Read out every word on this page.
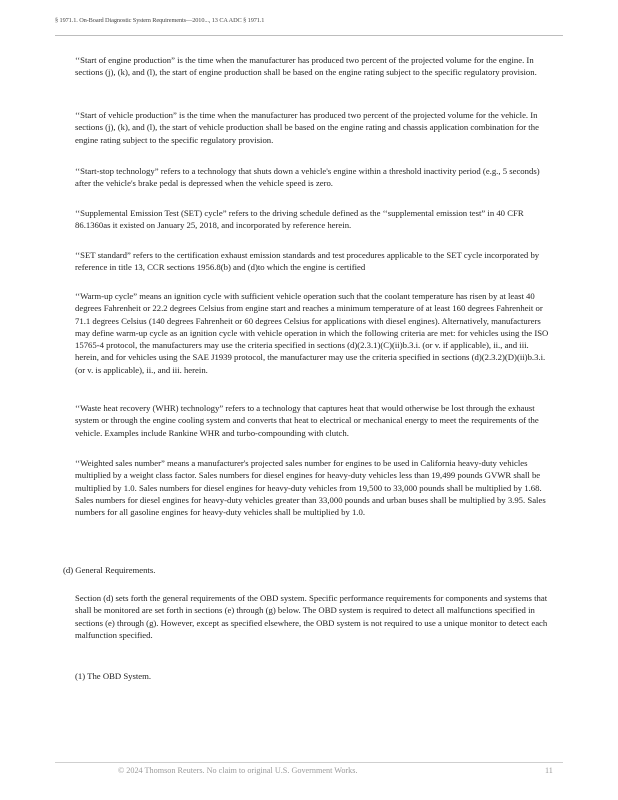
§ 1971.1. On-Board Diagnostic System Requirements—2010..., 13 CA ADC § 1971.1

‘‘Start of engine production” is the time when the manufacturer has produced two percent of the projected volume for the engine. In sections (j), (k), and (l), the start of engine production shall be based on the engine rating subject to the specific regulatory provision.

‘‘Start of vehicle production” is the time when the manufacturer has produced two percent of the projected volume for the vehicle. In sections (j), (k), and (l), the start of vehicle production shall be based on the engine rating and chassis application combination for the engine rating subject to the specific regulatory provision.

‘‘Start-stop technology” refers to a technology that shuts down a vehicle's engine within a threshold inactivity period (e.g., 5 seconds) after the vehicle's brake pedal is depressed when the vehicle speed is zero.

‘‘Supplemental Emission Test (SET) cycle” refers to the driving schedule defined as the ‘‘supplemental emission test” in 40 CFR 86.1360as it existed on January 25, 2018, and incorporated by reference herein.

‘‘SET standard” refers to the certification exhaust emission standards and test procedures applicable to the SET cycle incorporated by reference in title 13, CCR sections 1956.8(b) and (d)to which the engine is certified

‘‘Warm-up cycle” means an ignition cycle with sufficient vehicle operation such that the coolant temperature has risen by at least 40 degrees Fahrenheit or 22.2 degrees Celsius from engine start and reaches a minimum temperature of at least 160 degrees Fahrenheit or 71.1 degrees Celsius (140 degrees Fahrenheit or 60 degrees Celsius for applications with diesel engines). Alternatively, manufacturers may define warm-up cycle as an ignition cycle with vehicle operation in which the following criteria are met: for vehicles using the ISO 15765-4 protocol, the manufacturers may use the criteria specified in sections (d)(2.3.1)(C)(ii)b.3.i. (or v. if applicable), ii., and iii. herein, and for vehicles using the SAE J1939 protocol, the manufacturer may use the criteria specified in sections (d)(2.3.2)(D)(ii)b.3.i. (or v. is applicable), ii., and iii. herein.

‘‘Waste heat recovery (WHR) technology” refers to a technology that captures heat that would otherwise be lost through the exhaust system or through the engine cooling system and converts that heat to electrical or mechanical energy to meet the requirements of the vehicle. Examples include Rankine WHR and turbo-compounding with clutch.

‘‘Weighted sales number” means a manufacturer's projected sales number for engines to be used in California heavy-duty vehicles multiplied by a weight class factor. Sales numbers for diesel engines for heavy-duty vehicles less than 19,499 pounds GVWR shall be multiplied by 1.0. Sales numbers for diesel engines for heavy-duty vehicles from 19,500 to 33,000 pounds shall be multiplied by 1.68. Sales numbers for diesel engines for heavy-duty vehicles greater than 33,000 pounds and urban buses shall be multiplied by 3.95. Sales numbers for all gasoline engines for heavy-duty vehicles shall be multiplied by 1.0.

(d) General Requirements.

Section (d) sets forth the general requirements of the OBD system. Specific performance requirements for components and systems that shall be monitored are set forth in sections (e) through (g) below. The OBD system is required to detect all malfunctions specified in sections (e) through (g). However, except as specified elsewhere, the OBD system is not required to use a unique monitor to detect each malfunction specified.

(1) The OBD System.

© 2024 Thomson Reuters. No claim to original U.S. Government Works.	11
